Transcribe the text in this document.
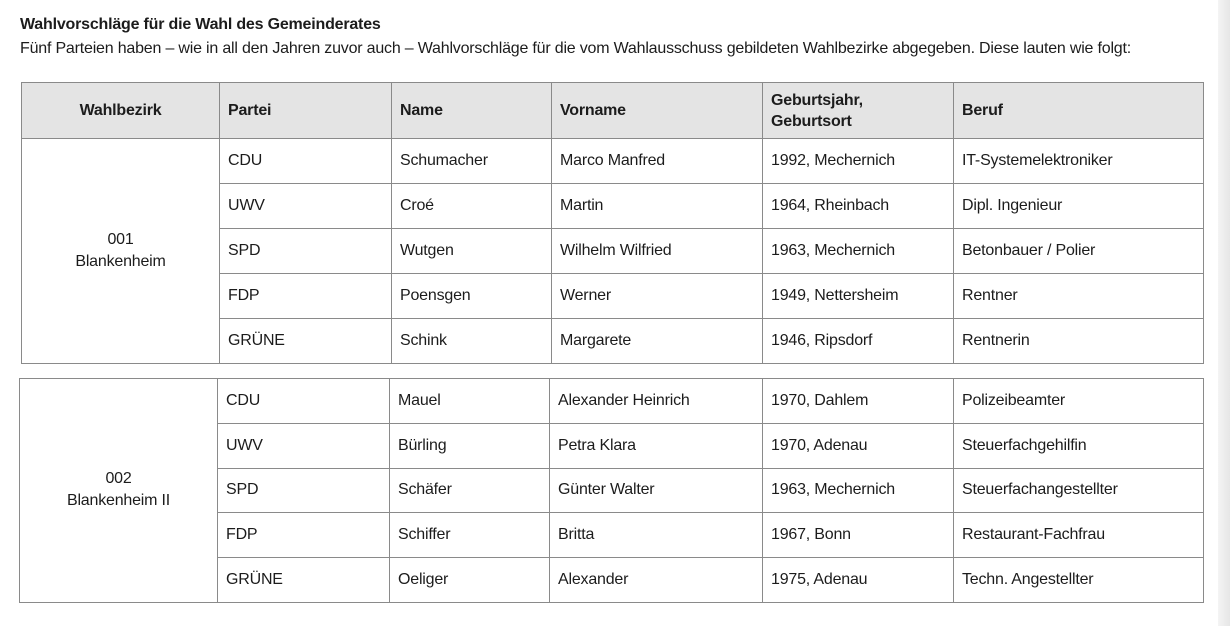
Wahlvorschläge für die Wahl des Gemeinderates
Fünf Parteien haben – wie in all den Jahren zuvor auch – Wahlvorschläge für die vom Wahlausschuss gebildeten Wahlbezirke abgegeben. Diese lauten wie folgt:
Wahlbezirk	Partei	Name	Vorname	Geburtsjahr,
Geburtsort	Beruf
001
Blankenheim	CDU	Schumacher	Marco Manfred	1992, Mechernich	IT-Systemelektroniker
	UWV	Croé	Martin	1964, Rheinbach	Dipl. Ingenieur
	SPD	Wutgen	Wilhelm Wilfried	1963, Mechernich	Betonbauer / Polier
	FDP	Poensgen	Werner	1949, Nettersheim	Rentner
	GRÜNE	Schink	Margarete	1946, Ripsdorf	Rentnerin
002
Blankenheim II	CDU	Mauel	Alexander Heinrich	1970, Dahlem	Polizeibeamter
	UWV	Bürling	Petra Klara	1970, Adenau	Steuerfachgehilfin
	SPD	Schäfer	Günter Walter	1963, Mechernich	Steuerfachangestellter
	FDP	Schiffer	Britta	1967, Bonn	Restaurant-Fachfrau
	GRÜNE	Oeliger	Alexander	1975, Adenau	Techn. Angestellter
